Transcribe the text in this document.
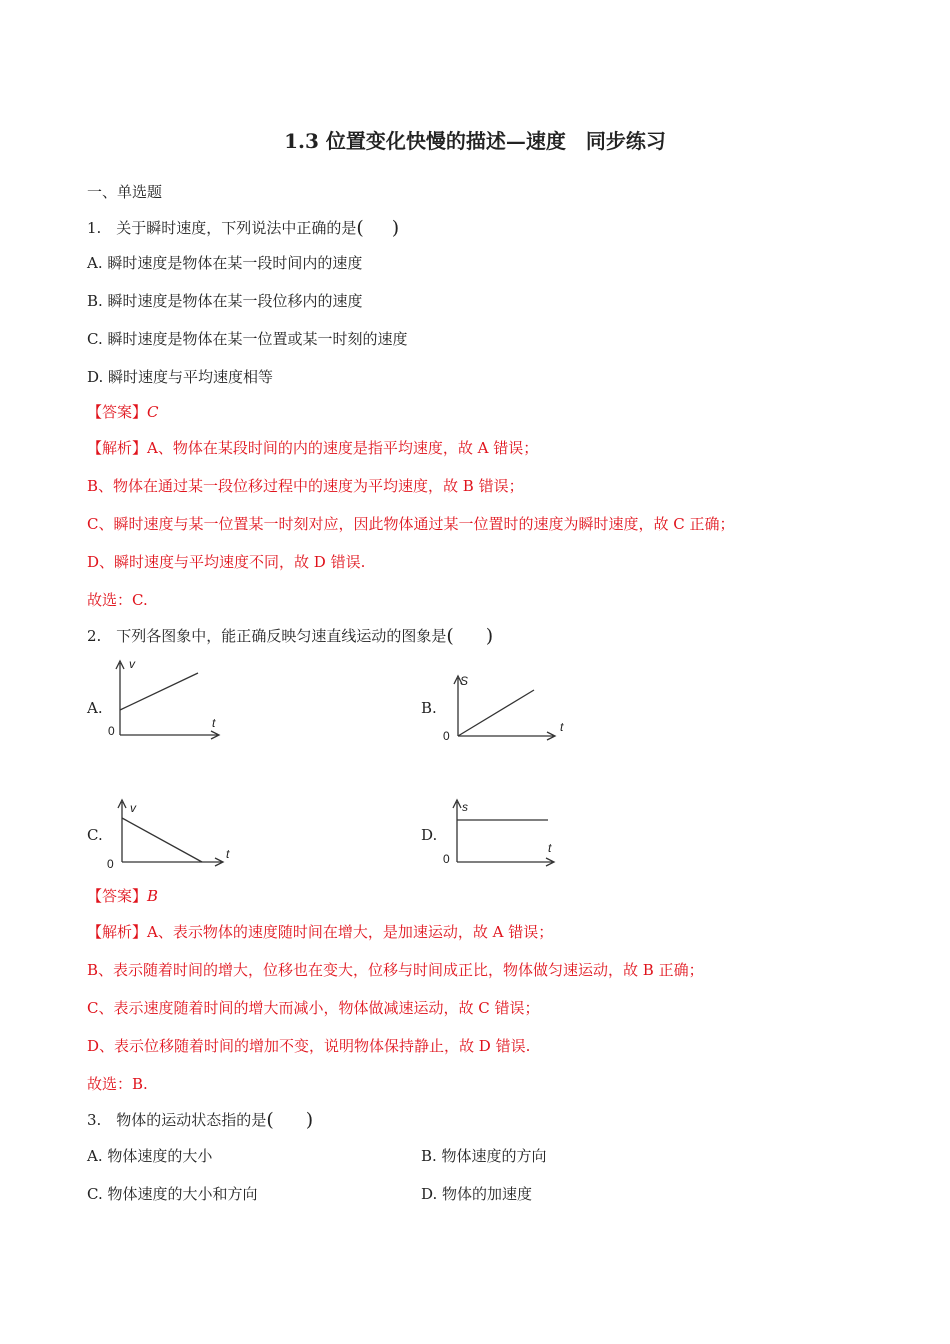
1.3 位置变化快慢的描述—速度　同步练习
一、单选题
1.　关于瞬时速度，下列说法中正确的是( )
A. 瞬时速度是物体在某一段时间内的速度
B. 瞬时速度是物体在某一段位移内的速度
C. 瞬时速度是物体在某一位置或某一时刻的速度
D. 瞬时速度与平均速度相等
【答案】C
【解析】A、物体在某段时间的内的速度是指平均速度，故 A 错误；
B、物体在通过某一段位移过程中的速度为平均速度，故 B 错误；
C、瞬时速度与某一位置某一时刻对应，因此物体通过某一位置时的速度为瞬时速度，故 C 正确；
D、瞬时速度与平均速度不同，故 D 错误.
故选：C.
2.　下列各图象中，能正确反映匀速直线运动的图象是( )
A.
v
t
0
B.
S
t
0
C.
v
t
0
D.
s
t
0
【答案】B
【解析】A、表示物体的速度随时间在增大，是加速运动，故 A 错误；
B、表示随着时间的增大，位移也在变大，位移与时间成正比，物体做匀速运动，故 B 正确；
C、表示速度随着时间的增大而减小，物体做减速运动，故 C 错误；
D、表示位移随着时间的增加不变，说明物体保持静止，故 D 错误.
故选：B.
3.　物体的运动状态指的是( )
A. 物体速度的大小	B. 物体速度的方向
C. 物体速度的大小和方向	D. 物体的加速度
